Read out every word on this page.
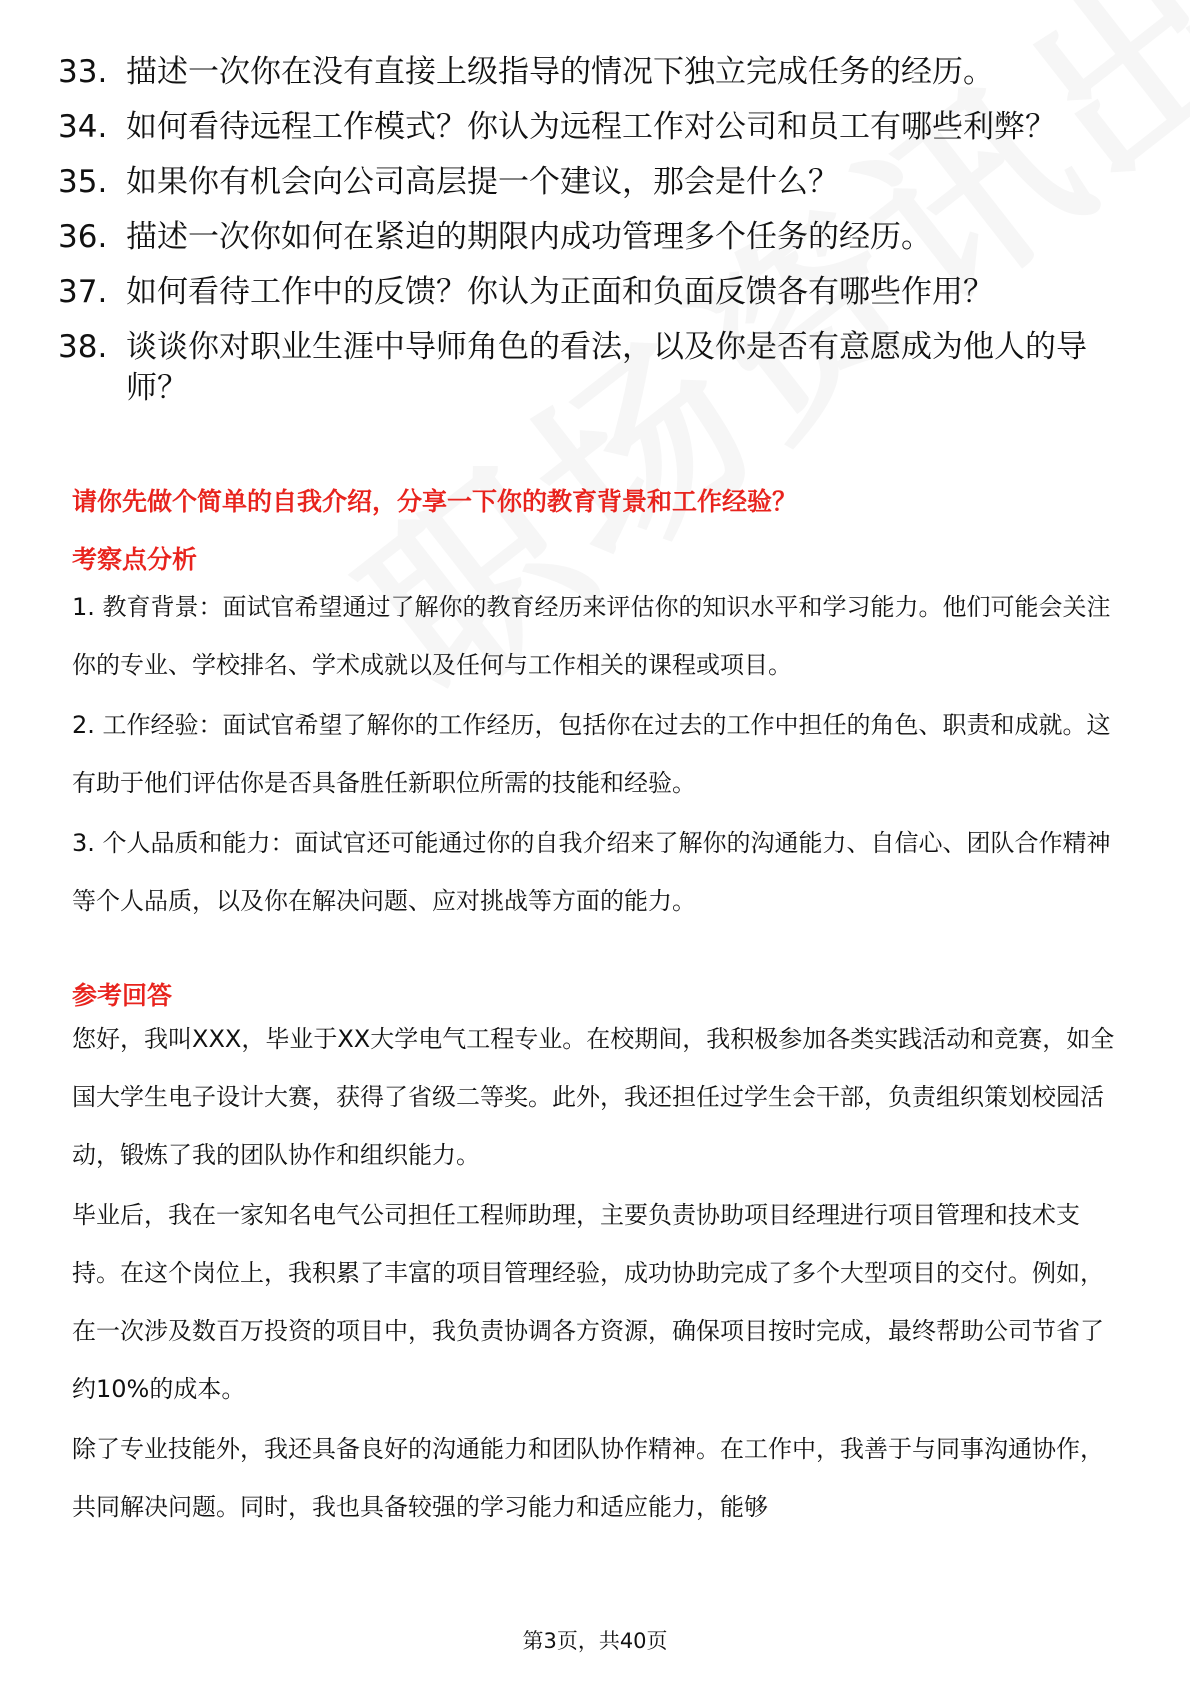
33. 描述一次你在没有直接上级指导的情况下独立完成任务的经历。
34. 如何看待远程工作模式？你认为远程工作对公司和员工有哪些利弊？
35. 如果你有机会向公司高层提一个建议，那会是什么？
36. 描述一次你如何在紧迫的期限内成功管理多个任务的经历。
37. 如何看待工作中的反馈？你认为正面和负面反馈各有哪些作用？
38. 谈谈你对职业生涯中导师角色的看法，以及你是否有意愿成为他人的导师？
请你先做个简单的自我介绍，分享一下你的教育背景和工作经验？
考察点分析

1. 教育背景：面试官希望通过了解你的教育经历来评估你的知识水平和学习能力。他们可能会关注你的专业、学校排名、学术成就以及任何与工作相关的课程或项目。

2. 工作经验：面试官希望了解你的工作经历，包括你在过去的工作中担任的角色、职责和成就。这有助于他们评估你是否具备胜任新职位所需的技能和经验。

3. 个人品质和能力：面试官还可能通过你的自我介绍来了解你的沟通能力、自信心、团队合作精神等个人品质，以及你在解决问题、应对挑战等方面的能力。

参考回答

您好，我叫XXX，毕业于XX大学电气工程专业。在校期间，我积极参加各类实践活动和竞赛，如全国大学生电子设计大赛，获得了省级二等奖。此外，我还担任过学生会干部，负责组织策划校园活动，锻炼了我的团队协作和组织能力。

毕业后，我在一家知名电气公司担任工程师助理，主要负责协助项目经理进行项目管理和技术支持。在这个岗位上，我积累了丰富的项目管理经验，成功协助完成了多个大型项目的交付。例如，在一次涉及数百万投资的项目中，我负责协调各方资源，确保项目按时完成，最终帮助公司节省了约10%的成本。

除了专业技能外，我还具备良好的沟通能力和团队协作精神。在工作中，我善于与同事沟通协作，共同解决问题。同时，我也具备较强的学习能力和适应能力，能够

第3页，共40页
